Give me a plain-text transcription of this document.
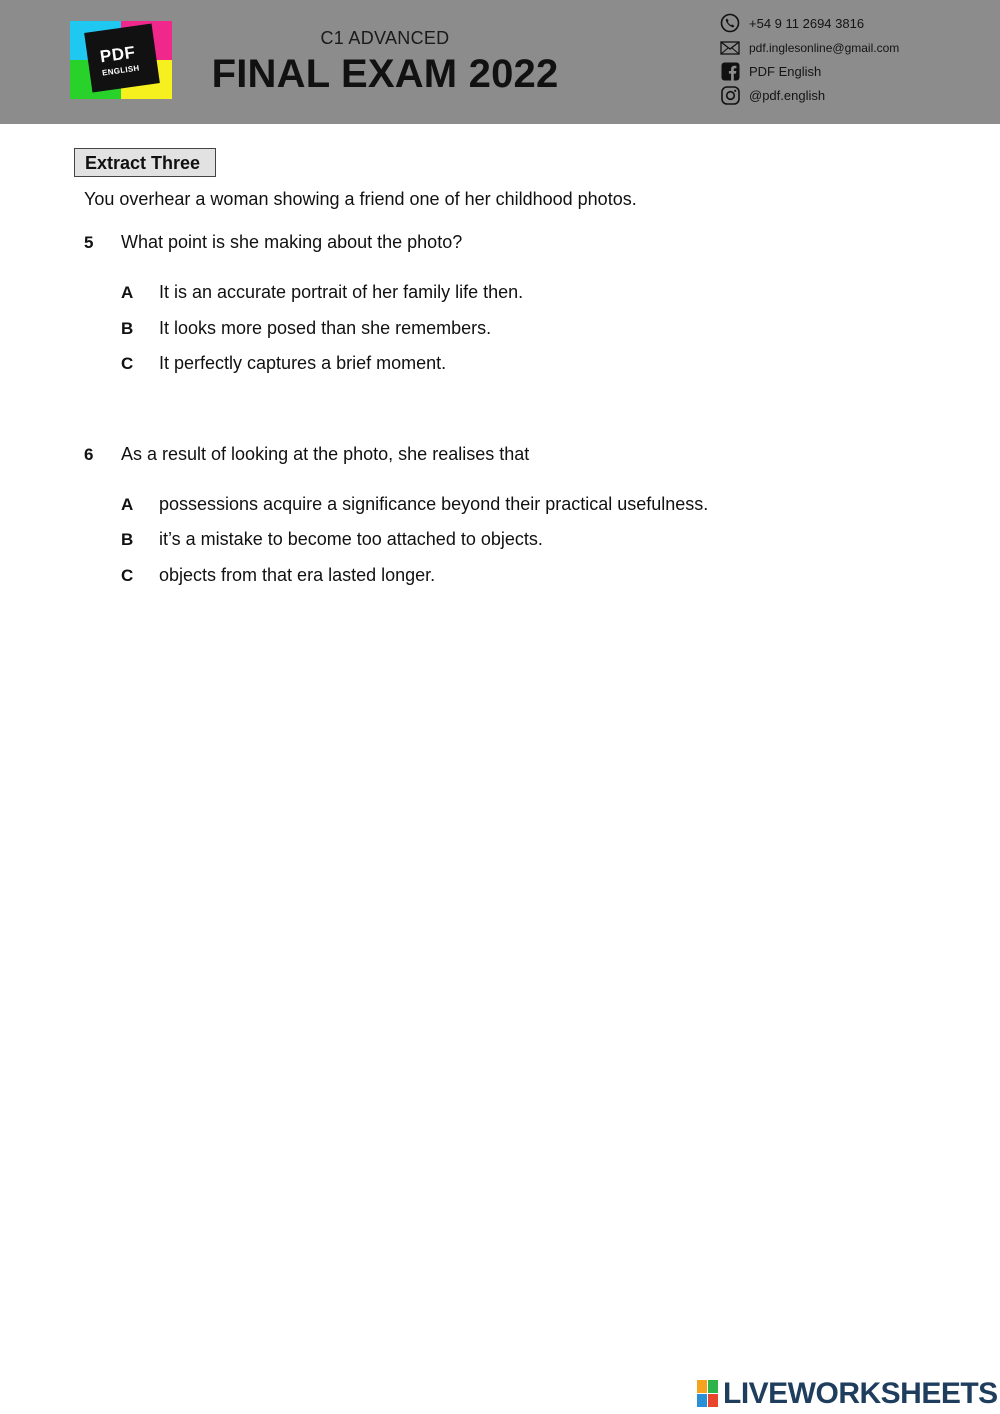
PDF
ENGLISH
C1 ADVANCED
FINAL EXAM 2022
+54 9 11 2694 3816
pdf.inglesonline@gmail.com
PDF English
@pdf.english
Extract Three
You overhear a woman showing a friend one of her childhood photos.
5 What point is she making about the photo?
A It is an accurate portrait of her family life then.
B It looks more posed than she remembers.
C It perfectly captures a brief moment.
6 As a result of looking at the photo, she realises that
A possessions acquire a significance beyond their practical usefulness.
B it’s a mistake to become too attached to objects.
C objects from that era lasted longer.
LIVEWORKSHEETS
